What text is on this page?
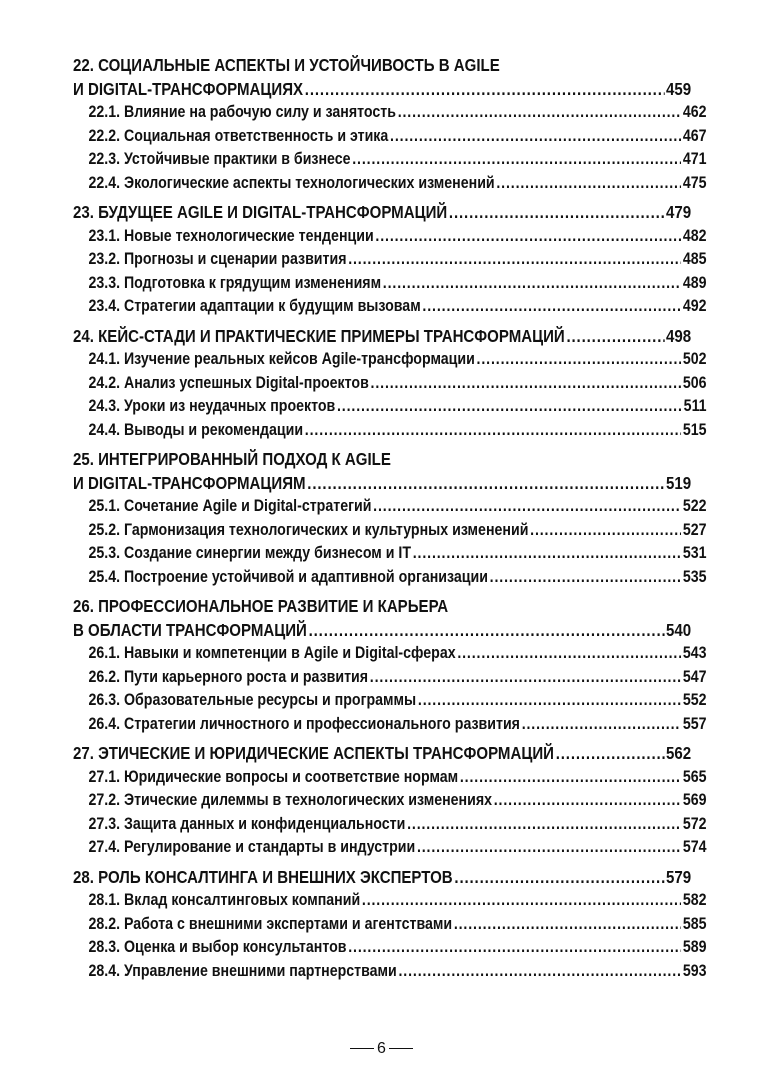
22. СОЦИАЛЬНЫЕ АСПЕКТЫ И УСТОЙЧИВОСТЬ В AGILE
И DIGITAL-ТРАНСФОРМАЦИЯХ .....	459
22.1. Влияние на рабочую силу и занятость .....	462
22.2. Социальная ответственность и этика .....	467
22.3. Устойчивые практики в бизнесе .....	471
22.4. Экологические аспекты технологических изменений .....	475
23. БУДУЩЕЕ AGILE И DIGITAL-ТРАНСФОРМАЦИЙ .....	479
23.1. Новые технологические тенденции .....	482
23.2. Прогнозы и сценарии развития .....	485
23.3. Подготовка к грядущим изменениям .....	489
23.4. Стратегии адаптации к будущим вызовам .....	492
24. КЕЙС-СТАДИ И ПРАКТИЧЕСКИЕ ПРИМЕРЫ ТРАНСФОРМАЦИЙ .....	498
24.1. Изучение реальных кейсов Agile-трансформации .....	502
24.2. Анализ успешных Digital-проектов .....	506
24.3. Уроки из неудачных проектов .....	511
24.4. Выводы и рекомендации .....	515
25. ИНТЕГРИРОВАННЫЙ ПОДХОД К AGILE
И DIGITAL-ТРАНСФОРМАЦИЯМ .....	519
25.1. Сочетание Agile и Digital-стратегий .....	522
25.2. Гармонизация технологических и культурных изменений .....	527
25.3. Создание синергии между бизнесом и IT .....	531
25.4. Построение устойчивой и адаптивной организации .....	535
26. ПРОФЕССИОНАЛЬНОЕ РАЗВИТИЕ И КАРЬЕРА
В ОБЛАСТИ ТРАНСФОРМАЦИЙ .....	540
26.1. Навыки и компетенции в Agile и Digital-сферах .....	543
26.2. Пути карьерного роста и развития .....	547
26.3. Образовательные ресурсы и программы .....	552
26.4. Стратегии личностного и профессионального развития .....	557
27. ЭТИЧЕСКИЕ И ЮРИДИЧЕСКИЕ АСПЕКТЫ ТРАНСФОРМАЦИЙ .....	562
27.1. Юридические вопросы и соответствие нормам .....	565
27.2. Этические дилеммы в технологических изменениях .....	569
27.3. Защита данных и конфиденциальности .....	572
27.4. Регулирование и стандарты в индустрии .....	574
28. РОЛЬ КОНСАЛТИНГА И ВНЕШНИХ ЭКСПЕРТОВ .....	579
28.1. Вклад консалтинговых компаний .....	582
28.2. Работа с внешними экспертами и агентствами .....	585
28.3. Оценка и выбор консультантов .....	589
28.4. Управление внешними партнерствами .....	593
6
